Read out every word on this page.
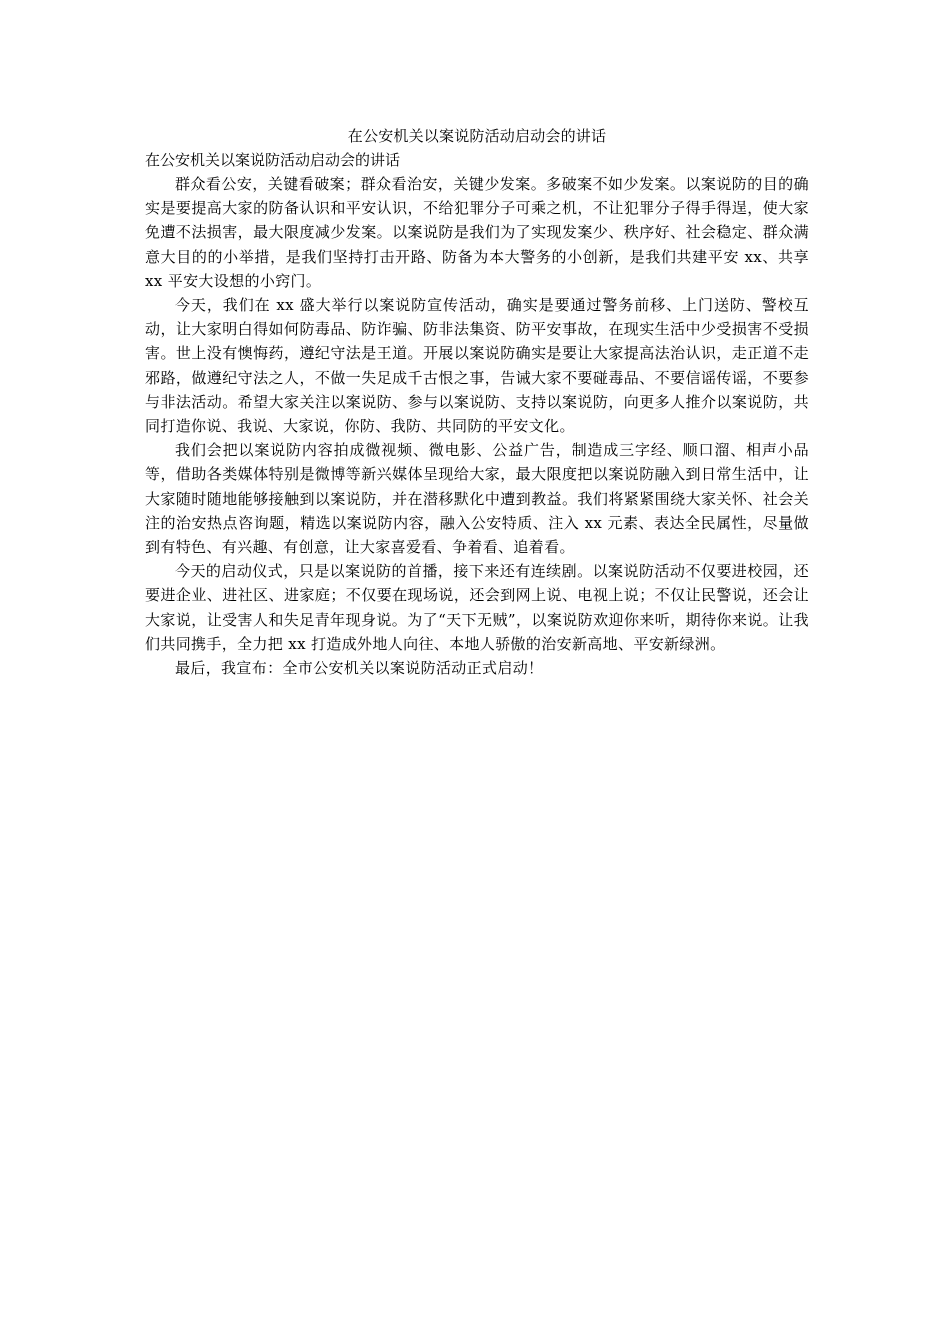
在公安机关以案说防活动启动会的讲话
在公安机关以案说防活动启动会的讲话

群众看公安，关键看破案；群众看治安，关键少发案。多破案不如少发案。以案说防的目的确实是要提高大家的防备认识和平安认识，不给犯罪分子可乘之机，不让犯罪分子得手得逞，使大家免遭不法损害，最大限度减少发案。以案说防是我们为了实现发案少、秩序好、社会稳定、群众满意大目的的小举措，是我们坚持打击开路、防备为本大警务的小创新，是我们共建平安 xx、共享 xx 平安大设想的小窍门。

今天，我们在 xx 盛大举行以案说防宣传活动，确实是要通过警务前移、上门送防、警校互动，让大家明白得如何防毒品、防诈骗、防非法集资、防平安事故，在现实生活中少受损害不受损害。世上没有懊悔药，遵纪守法是王道。开展以案说防确实是要让大家提高法治认识，走正道不走邪路，做遵纪守法之人，不做一失足成千古恨之事，告诫大家不要碰毒品、不要信谣传谣，不要参与非法活动。希望大家关注以案说防、参与以案说防、支持以案说防，向更多人推介以案说防，共同打造你说、我说、大家说，你防、我防、共同防的平安文化。

我们会把以案说防内容拍成微视频、微电影、公益广告，制造成三字经、顺口溜、相声小品等，借助各类媒体特别是微博等新兴媒体呈现给大家，最大限度把以案说防融入到日常生活中，让大家随时随地能够接触到以案说防，并在潜移默化中遭到教益。我们将紧紧围绕大家关怀、社会关注的治安热点咨询题，精选以案说防内容，融入公安特质、注入 xx 元素、表达全民属性，尽量做到有特色、有兴趣、有创意，让大家喜爱看、争着看、追着看。

今天的启动仪式，只是以案说防的首播，接下来还有连续剧。以案说防活动不仅要进校园，还要进企业、进社区、进家庭；不仅要在现场说，还会到网上说、电视上说；不仅让民警说，还会让大家说，让受害人和失足青年现身说。为了“天下无贼”，以案说防欢迎你来听，期待你来说。让我们共同携手，全力把 xx 打造成外地人向往、本地人骄傲的治安新高地、平安新绿洲。

最后，我宣布：全市公安机关以案说防活动正式启动！
